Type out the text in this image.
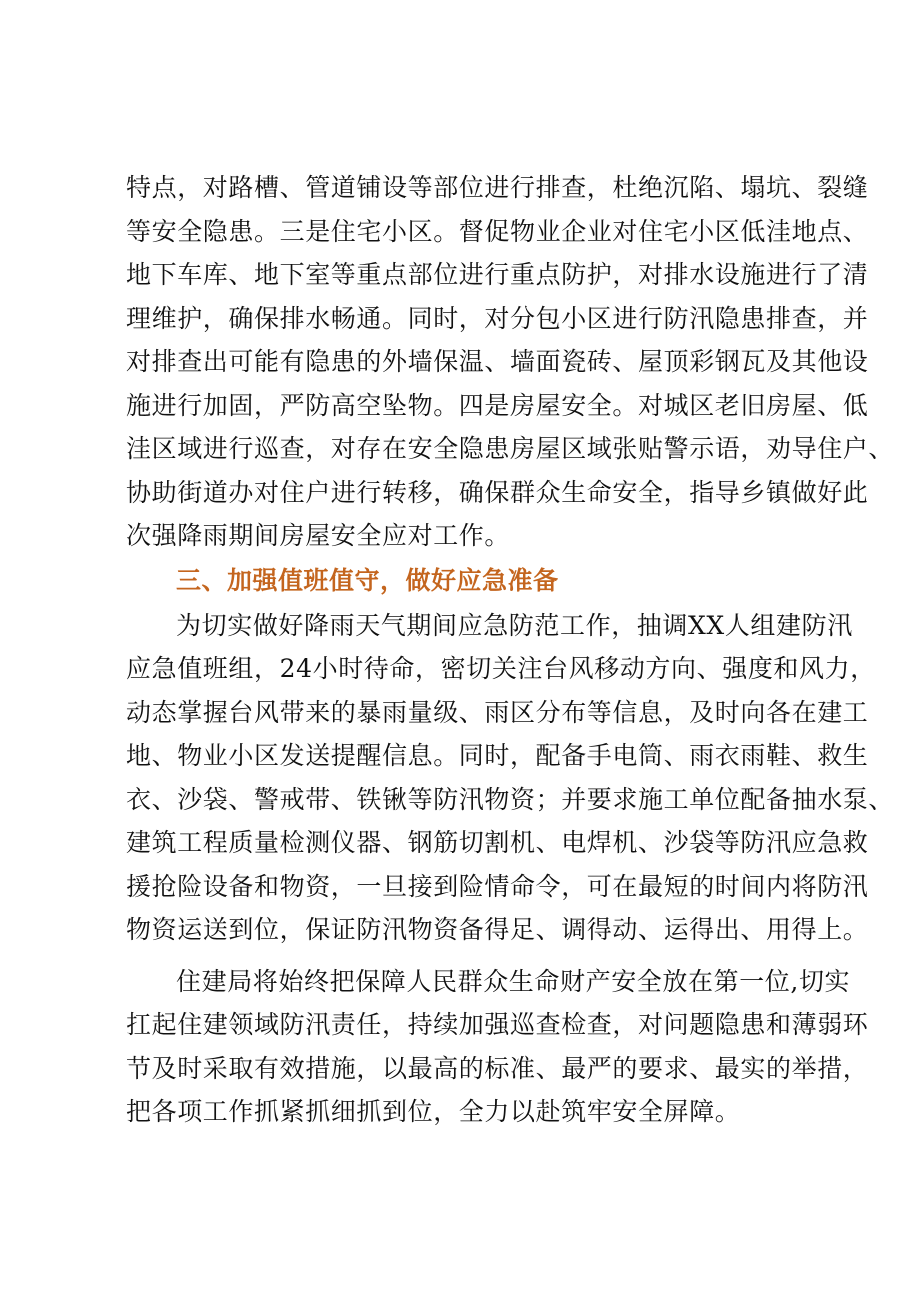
特点，对路槽、管道铺设等部位进行排查，杜绝沉陷、塌坑、裂缝
等安全隐患。三是住宅小区。督促物业企业对住宅小区低洼地点、
地下车库、地下室等重点部位进行重点防护，对排水设施进行了清
理维护，确保排水畅通。同时，对分包小区进行防汛隐患排查，并
对排查出可能有隐患的外墙保温、墙面瓷砖、屋顶彩钢瓦及其他设
施进行加固，严防高空坠物。四是房屋安全。对城区老旧房屋、低
洼区域进行巡查，对存在安全隐患房屋区域张贴警示语，劝导住户、
协助街道办对住户进行转移，确保群众生命安全，指导乡镇做好此
次强降雨期间房屋安全应对工作。
三、加强值班值守，做好应急准备
为切实做好降雨天气期间应急防范工作，抽调XX人组建防汛
应急值班组，24小时待命，密切关注台风移动方向、强度和风力，
动态掌握台风带来的暴雨量级、雨区分布等信息，及时向各在建工
地、物业小区发送提醒信息。同时，配备手电筒、雨衣雨鞋、救生
衣、沙袋、警戒带、铁锹等防汛物资；并要求施工单位配备抽水泵、
建筑工程质量检测仪器、钢筋切割机、电焊机、沙袋等防汛应急救
援抢险设备和物资，一旦接到险情命令，可在最短的时间内将防汛
物资运送到位，保证防汛物资备得足、调得动、运得出、用得上。
住建局将始终把保障人民群众生命财产安全放在第一位,切实
扛起住建领域防汛责任，持续加强巡查检查，对问题隐患和薄弱环
节及时采取有效措施，以最高的标准、最严的要求、最实的举措，
把各项工作抓紧抓细抓到位，全力以赴筑牢安全屏障。
